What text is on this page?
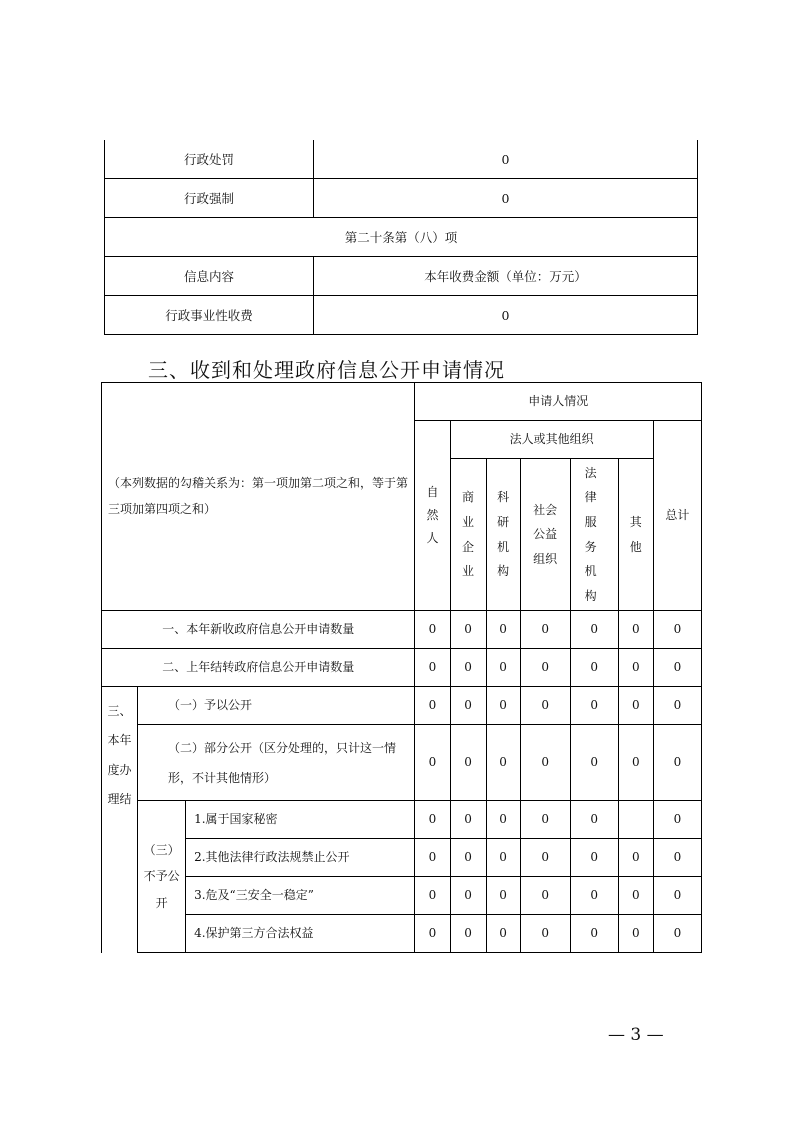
行政处罚	0
行政强制	0
第二十条第（八）项	
信息内容	本年收费金额（单位：万元）
行政事业性收费	0
三、收到和处理政府信息公开申请情况
（本列数据的勾稽关系为：第一项加第二项之和，等于第三项加第四项之和）			申请人情况						
			自然人	法人或其他组织					总计
				商业企业	科研机构	社会公益组织	法律服务机构	其他	
一、本年新收政府信息公开申请数量			0	0	0	0	0	0	0
二、上年结转政府信息公开申请数量			0	0	0	0	0	0	0
三、本年度办理结	（一）予以公开		0	0	0	0	0	0	0
	（二）部分公开（区分处理的，只计这一情形，不计其他情形）		0	0	0	0	0	0	0
	（三）不予公开	1.属于国家秘密	0	0	0	0	0		0
		2.其他法律行政法规禁止公开	0	0	0	0	0	0	0
		3.危及“三安全一稳定”	0	0	0	0	0	0	0
		4.保护第三方合法权益	0	0	0	0	0	0	0
— 3 —
